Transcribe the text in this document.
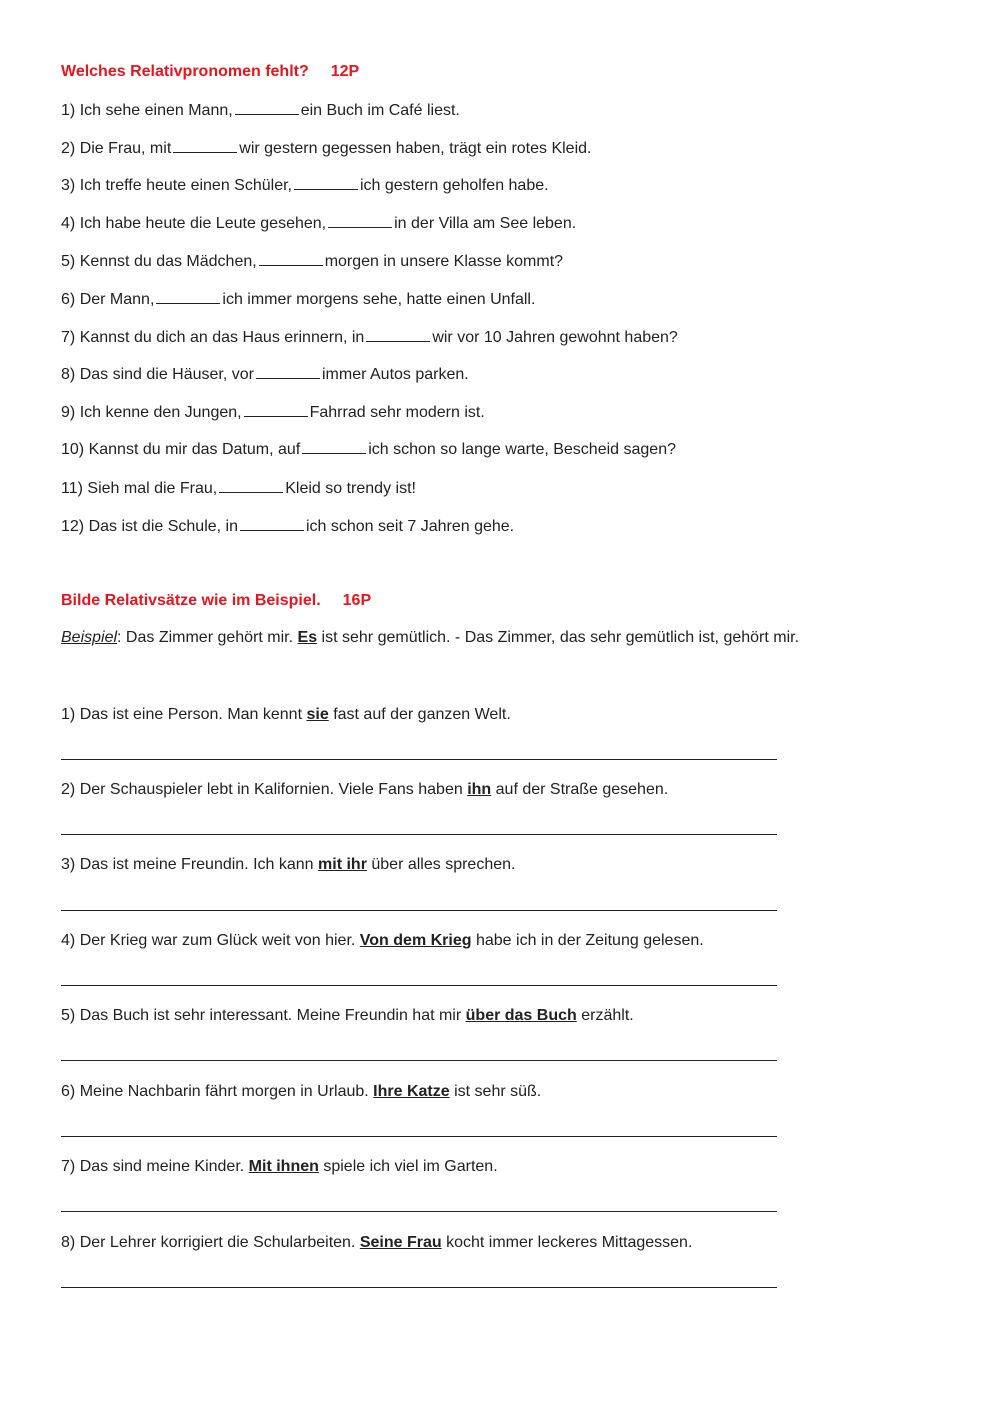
Welches Relativpronomen fehlt? 12P
1) Ich sehe einen Mann,	ein Buch im Café liest.
2) Die Frau, mit	wir gestern gegessen haben, trägt ein rotes Kleid.
3) Ich treffe heute einen Schüler,	ich gestern geholfen habe.
4) Ich habe heute die Leute gesehen,	in der Villa am See leben.
5) Kennst du das Mädchen,	morgen in unsere Klasse kommt?
6) Der Mann,	ich immer morgens sehe, hatte einen Unfall.
7) Kannst du dich an das Haus erinnern, in	wir vor 10 Jahren gewohnt haben?
8) Das sind die Häuser, vor	immer Autos parken.
9) Ich kenne den Jungen,	Fahrrad sehr modern ist.
10) Kannst du mir das Datum, auf	ich schon so lange warte, Bescheid sagen?
11) Sieh mal die Frau,	Kleid so trendy ist!
12) Das ist die Schule, in	ich schon seit 7 Jahren gehe.
Bilde Relativsätze wie im Beispiel. 16P
Beispiel: Das Zimmer gehört mir. Es ist sehr gemütlich. - Das Zimmer, das sehr gemütlich ist, gehört mir.
1) Das ist eine Person. Man kennt sie fast auf der ganzen Welt.
2) Der Schauspieler lebt in Kalifornien. Viele Fans haben ihn auf der Straße gesehen.
3) Das ist meine Freundin. Ich kann mit ihr über alles sprechen.
4) Der Krieg war zum Glück weit von hier. Von dem Krieg habe ich in der Zeitung gelesen.
5) Das Buch ist sehr interessant. Meine Freundin hat mir über das Buch erzählt.
6) Meine Nachbarin fährt morgen in Urlaub. Ihre Katze ist sehr süß.
7) Das sind meine Kinder. Mit ihnen spiele ich viel im Garten.
8) Der Lehrer korrigiert die Schularbeiten. Seine Frau kocht immer leckeres Mittagessen.
